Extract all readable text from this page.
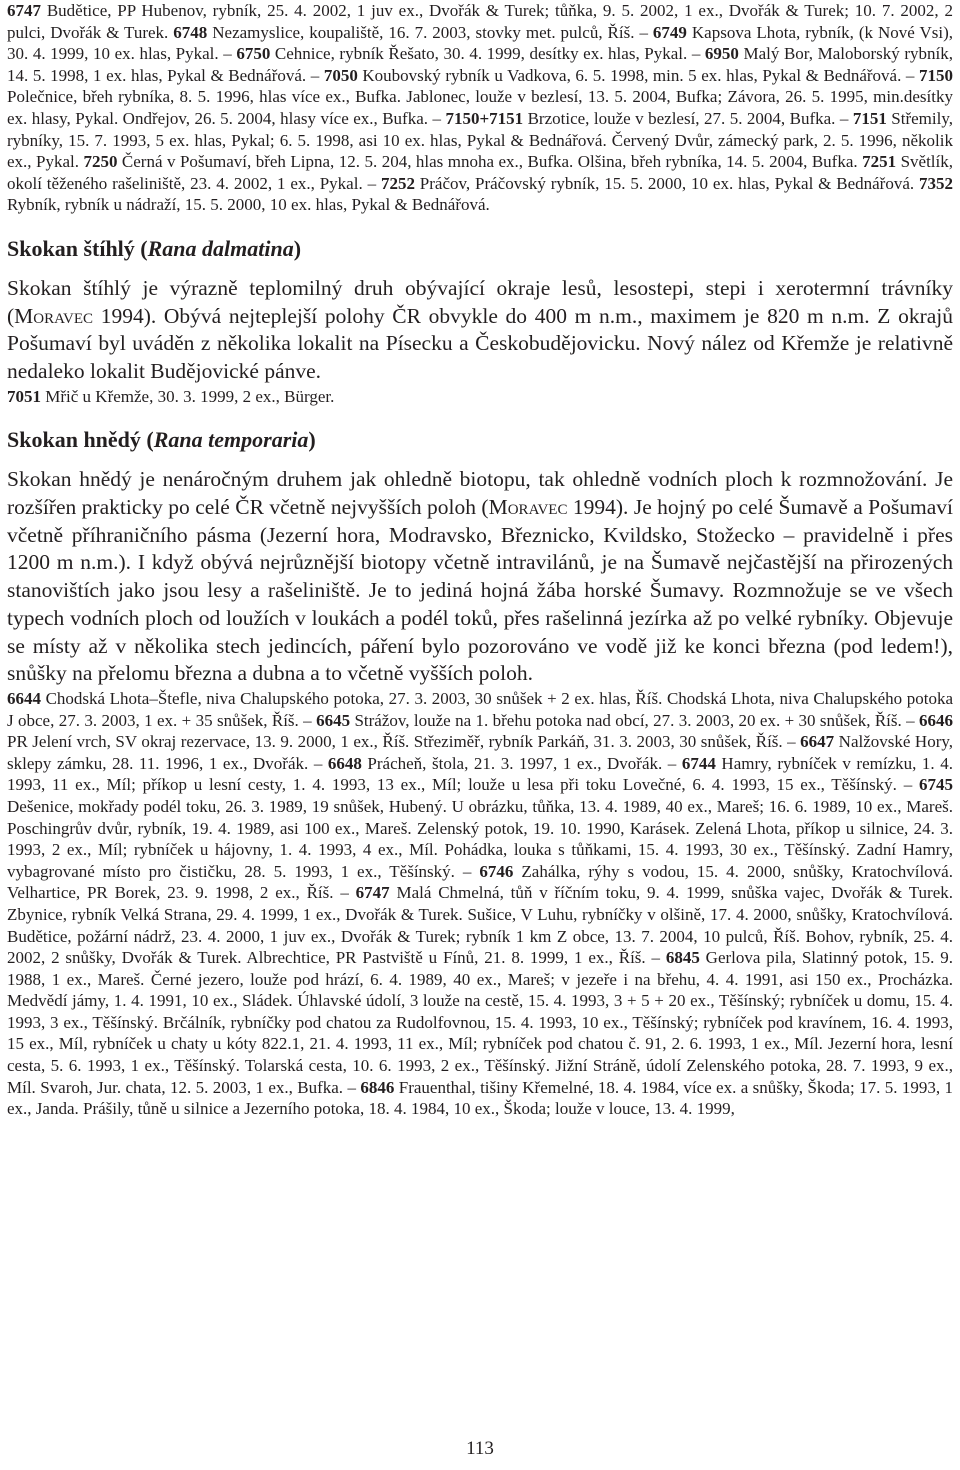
6747 Budětice, PP Hubenov, rybník, 25. 4. 2002, 1 juv ex., Dvořák & Turek; tůňka, 9. 5. 2002, 1 ex., Dvořák & Turek; 10. 7. 2002, 2 pulci, Dvořák & Turek. 6748 Nezamyslice, koupaliště, 16. 7. 2003, stovky met. pulců, Říš. – 6749 Kapsova Lhota, rybník, (k Nové Vsi), 30. 4. 1999, 10 ex. hlas, Pykal. – 6750 Cehnice, rybník Řešato, 30. 4. 1999, desítky ex. hlas, Pykal. – 6950 Malý Bor, Maloborský rybník, 14. 5. 1998, 1 ex. hlas, Pykal & Bednářová. – 7050 Koubovský rybník u Vadkova, 6. 5. 1998, min. 5 ex. hlas, Pykal & Bednářová. – 7150 Polečnice, břeh rybníka, 8. 5. 1996, hlas více ex., Bufka. Jablonec, louže v bezlesí, 13. 5. 2004, Bufka; Závora, 26. 5. 1995, min.desítky ex. hlasy, Pykal. Ondřejov, 26. 5. 2004, hlasy více ex., Bufka. – 7150+7151 Brzotice, louže v bezlesí, 27. 5. 2004, Bufka. – 7151 Střemily, rybníky, 15. 7. 1993, 5 ex. hlas, Pykal; 6. 5. 1998, asi 10 ex. hlas, Pykal & Bednářová. Červený Dvůr, zámecký park, 2. 5. 1996, několik ex., Pykal. 7250 Černá v Pošumaví, břeh Lipna, 12. 5. 204, hlas mnoha ex., Bufka. Olšina, břeh rybníka, 14. 5. 2004, Bufka. 7251 Světlík, okolí těženého rašeliniště, 23. 4. 2002, 1 ex., Pykal. – 7252 Práčov, Práčovský rybník, 15. 5. 2000, 10 ex. hlas, Pykal & Bednářová. 7352 Rybník, rybník u nádraží, 15. 5. 2000, 10 ex. hlas, Pykal & Bednářová.

Skokan štíhlý (Rana dalmatina)

Skokan štíhlý je výrazně teplomilný druh obývající okraje lesů, lesostepi, stepi i xerotermní trávníky (Moravec 1994). Obývá nejteplejší polohy ČR obvykle do 400 m n.m., maximem je 820 m n.m. Z okrajů Pošumaví byl uváděn z několika lokalit na Písecku a Českobudějovicku. Nový nález od Křemže je relativně nedaleko lokalit Budějovické pánve.

7051 Mřič u Křemže, 30. 3. 1999, 2 ex., Bürger.

Skokan hnědý (Rana temporaria)

Skokan hnědý je nenáročným druhem jak ohledně biotopu, tak ohledně vodních ploch k rozmnožování. Je rozšířen prakticky po celé ČR včetně nejvyšších poloh (Moravec 1994). Je hojný po celé Šumavě a Pošumaví včetně příhraničního pásma (Jezerní hora, Modravsko, Březnicko, Kvildsko, Stožecko – pravidelně i přes 1200 m n.m.). I když obývá nejrůznější biotopy včetně intravilánů, je na Šumavě nejčastější na přirozených stanovištích jako jsou lesy a rašeliniště. Je to jediná hojná žába horské Šumavy. Rozmnožuje se ve všech typech vodních ploch od loužích v loukách a podél toků, přes rašelinná jezírka až po velké rybníky. Objevuje se místy až v několika stech jedincích, páření bylo pozorováno ve vodě již ke konci března (pod ledem!), snůšky na přelomu března a dubna a to včetně vyšších poloh.

6644 Chodská Lhota–Štefle, niva Chalupského potoka, 27. 3. 2003, 30 snůšek + 2 ex. hlas, Říš. Chodská Lhota, niva Chalupského potoka J obce, 27. 3. 2003, 1 ex. + 35 snůšek, Říš. – 6645 Strážov, louže na 1. břehu potoka nad obcí, 27. 3. 2003, 20 ex. + 30 snůšek, Říš. – 6646 PR Jelení vrch, SV okraj rezervace, 13. 9. 2000, 1 ex., Říš. Střeziměř, rybník Parkáň, 31. 3. 2003, 30 snůšek, Říš. – 6647 Nalžovské Hory, sklepy zámku, 28. 11. 1996, 1 ex., Dvořák. – 6648 Prácheň, štola, 21. 3. 1997, 1 ex., Dvořák. – 6744 Hamry, rybníček v remízku, 1. 4. 1993, 11 ex., Míl; příkop u lesní cesty, 1. 4. 1993, 13 ex., Míl; louže u lesa při toku Lovečné, 6. 4. 1993, 15 ex., Těšínský. – 6745 Dešenice, mokřady podél toku, 26. 3. 1989, 19 snůšek, Hubený. U obrázku, tůňka, 13. 4. 1989, 40 ex., Mareš; 16. 6. 1989, 10 ex., Mareš. Poschingrův dvůr, rybník, 19. 4. 1989, asi 100 ex., Mareš. Zelenský potok, 19. 10. 1990, Karásek. Zelená Lhota, příkop u silnice, 24. 3. 1993, 2 ex., Míl; rybníček u hájovny, 1. 4. 1993, 4 ex., Míl. Pohádka, louka s tůňkami, 15. 4. 1993, 30 ex., Těšínský. Zadní Hamry, vybagrované místo pro čističku, 28. 5. 1993, 1 ex., Těšínský. – 6746 Zahálka, rýhy s vodou, 15. 4. 2000, snůšky, Kratochvílová. Velhartice, PR Borek, 23. 9. 1998, 2 ex., Říš. – 6747 Malá Chmelná, tůň v říčním toku, 9. 4. 1999, snůška vajec, Dvořák & Turek. Zbynice, rybník Velká Strana, 29. 4. 1999, 1 ex., Dvořák & Turek. Sušice, V Luhu, rybníčky v olšině, 17. 4. 2000, snůšky, Kratochvílová. Budětice, požární nádrž, 23. 4. 2000, 1 juv ex., Dvořák & Turek; rybník 1 km Z obce, 13. 7. 2004, 10 pulců, Říš. Bohov, rybník, 25. 4. 2002, 2 snůšky, Dvořák & Turek. Albrechtice, PR Pastviště u Fínů, 21. 8. 1999, 1 ex., Říš. – 6845 Gerlova pila, Slatinný potok, 15. 9. 1988, 1 ex., Mareš. Černé jezero, louže pod hrází, 6. 4. 1989, 40 ex., Mareš; v jezeře i na břehu, 4. 4. 1991, asi 150 ex., Procházka. Medvědí jámy, 1. 4. 1991, 10 ex., Sládek. Úhlavské údolí, 3 louže na cestě, 15. 4. 1993, 3 + 5 + 20 ex., Těšínský; rybníček u domu, 15. 4. 1993, 3 ex., Těšínský. Brčálník, rybníčky pod chatou za Rudolfovnou, 15. 4. 1993, 10 ex., Těšínský; rybníček pod kravínem, 16. 4. 1993, 15 ex., Míl, rybníček u chaty u kóty 822.1, 21. 4. 1993, 11 ex., Míl; rybníček pod chatou č. 91, 2. 6. 1993, 1 ex., Míl. Jezerní hora, lesní cesta, 5. 6. 1993, 1 ex., Těšínský. Tolarská cesta, 10. 6. 1993, 2 ex., Těšínský. Jižní Stráně, údolí Zelenského potoka, 28. 7. 1993, 9 ex., Míl. Svaroh, Jur. chata, 12. 5. 2003, 1 ex., Bufka. – 6846 Frauenthal, tišiny Křemelné, 18. 4. 1984, více ex. a snůšky, Škoda; 17. 5. 1993, 1 ex., Janda. Prášily, tůně u silnice a Jezerního potoka, 18. 4. 1984, 10 ex., Škoda; louže v louce, 13. 4. 1999,

113
